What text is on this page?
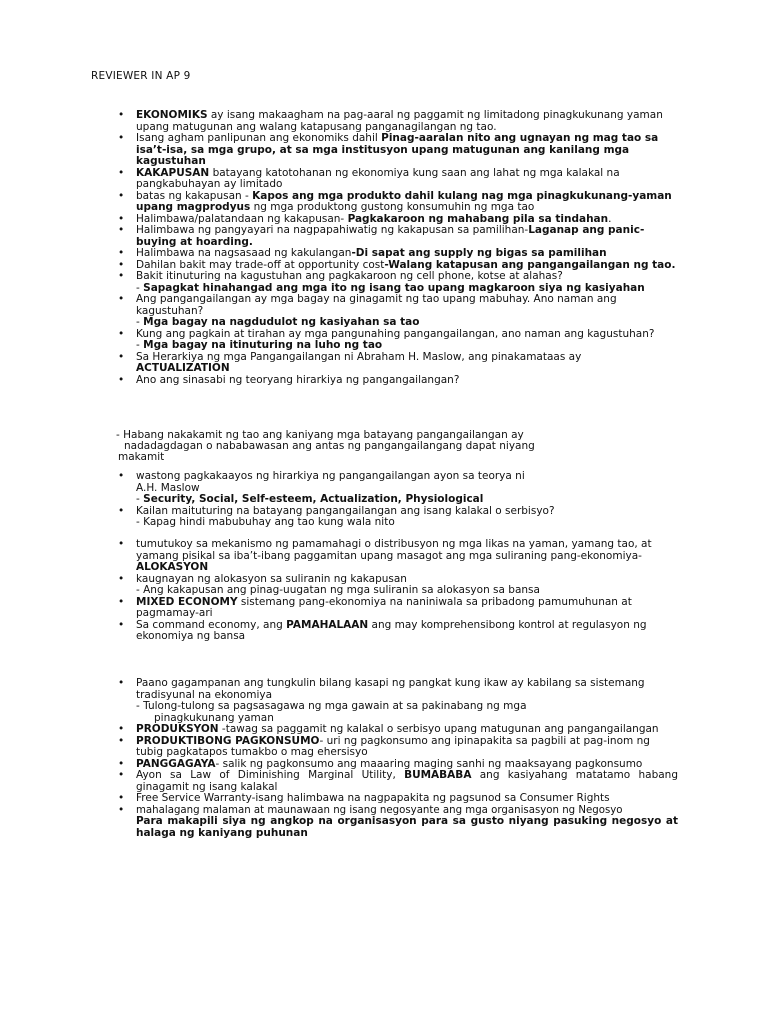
REVIEWER IN AP 9
• EKONOMIKS ay isang makaagham na pag-aaral ng paggamit ng limitadong pinagkukunang yaman upang matugunan ang walang katapusang panganagilangan ng tao.
• Isang agham panlipunan ang ekonomiks dahil Pinag-aaralan nito ang ugnayan ng mag tao sa isa’t-isa, sa mga grupo, at sa mga institusyon upang matugunan ang kanilang mga kagustuhan
• KAKAPUSAN batayang katotohanan ng ekonomiya kung saan ang lahat ng mga kalakal na pangkabuhayan ay limitado
• batas ng kakapusan - Kapos ang mga produkto dahil kulang nag mga pinagkukunang-yaman upang magprodyus ng mga produktong gustong konsumuhin ng mga tao
• Halimbawa/palatandaan ng kakapusan- Pagkakaroon ng mahabang pila sa tindahan.
• Halimbawa ng pangyayari na nagpapahiwatig ng kakapusan sa pamilihan-Laganap ang panic-buying at hoarding.
• Halimbawa na nagsasaad ng kakulangan-Di sapat ang supply ng bigas sa pamilihan
• Dahilan bakit may trade-off at opportunity cost-Walang katapusan ang pangangailangan ng tao.
• Bakit itinuturing na kagustuhan ang pagkakaroon ng cell phone, kotse at alahas?
- Sapagkat hinahangad ang mga ito ng isang tao upang magkaroon siya ng kasiyahan
• Ang pangangailangan ay mga bagay na ginagamit ng tao upang mabuhay. Ano naman ang kagustuhan?
- Mga bagay na nagdudulot ng kasiyahan sa tao
• Kung ang pagkain at tirahan ay mga pangunahing pangangailangan, ano naman ang kagustuhan?
- Mga bagay na itinuturing na luho ng tao
• Sa Herarkiya ng mga Pangangailangan ni Abraham H. Maslow, ang pinakamataas ay ACTUALIZATION
• Ano ang sinasabi ng teoryang hirarkiya ng pangangailangan?
- Habang nakakamit ng tao ang kaniyang mga batayang pangangailangan ay
nadadagdagan o nababawasan ang antas ng pangangailangang dapat niyang
makamit
• wastong pagkakaayos ng hirarkiya ng pangangailangan ayon sa teorya ni
A.H. Maslow
- Security, Social, Self-esteem, Actualization, Physiological
• Kailan maituturing na batayang pangangailangan ang isang kalakal o serbisyo?
- Kapag hindi mabubuhay ang tao kung wala nito
• tumutukoy sa mekanismo ng pamamahagi o distribusyon ng mga likas na yaman, yamang tao, at yamang pisikal sa iba’t-ibang paggamitan upang masagot ang mga suliraning pang-ekonomiya-ALOKASYON
• kaugnayan ng alokasyon sa suliranin ng kakapusan
- Ang kakapusan ang pinag-uugatan ng mga suliranin sa alokasyon sa bansa
• MIXED ECONOMY sistemang pang-ekonomiya na naniniwala sa pribadong pamumuhunan at pagmamay-ari
• Sa command economy, ang PAMAHALAAN ang may komprehensibong kontrol at regulasyon ng ekonomiya ng bansa
• Paano gagampanan ang tungkulin bilang kasapi ng pangkat kung ikaw ay kabilang sa sistemang tradisyunal na ekonomiya
- Tulong-tulong sa pagsasagawa ng mga gawain at sa pakinabang ng mga
pinagkukunang yaman
• PRODUKSYON -tawag sa paggamit ng kalakal o serbisyo upang matugunan ang pangangailangan
• PRODUKTIBONG PAGKONSUMO- uri ng pagkonsumo ang ipinapakita sa pagbili at pag-inom ng tubig pagkatapos tumakbo o mag ehersisyo
• PANGGAGAYA- salik ng pagkonsumo ang maaaring maging sanhi ng maaksayang pagkonsumo
• Ayon sa Law of Diminishing Marginal Utility, BUMABABA ang kasiyahang matatamo habang ginagamit ng isang kalakal
• Free Service Warranty-isang halimbawa na nagpapakita ng pagsunod sa Consumer Rights
• mahalagang malaman at maunawaan ng isang negosyante ang mga organisasyon ng Negosyo
Para makapili siya ng angkop na organisasyon para sa gusto niyang pasuking negosyo at halaga ng kaniyang puhunan
